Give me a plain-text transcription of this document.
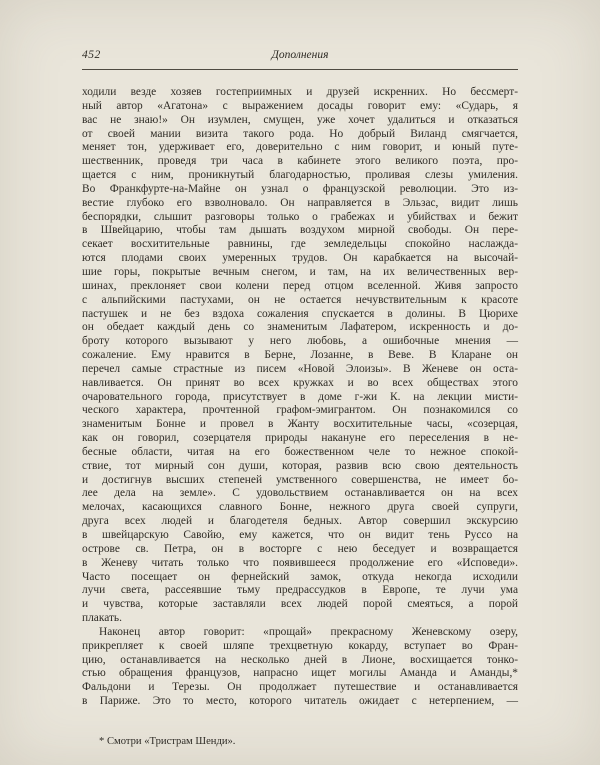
452	Дополнения
ходили везде хозяев гостеприимных и друзей искренних. Но бессмерт-
ный автор «Агатона» с выражением досады говорит ему: «Сударь, я
вас не знаю!» Он изумлен, смущен, уже хочет удалиться и отказаться
от своей мании визита такого рода. Но добрый Виланд смягчается,
меняет тон, удерживает его, доверительно с ним говорит, и юный путе-
шественник, проведя три часа в кабинете этого великого поэта, про-
щается с ним, проникнутый благодарностью, проливая слезы умиления.
Во Франкфурте-на-Майне он узнал о французской революции. Это из-
вестие глубоко его взволновало. Он направляется в Эльзас, видит лишь
беспорядки, слышит разговоры только о грабежах и убийствах и бежит
в Швейцарию, чтобы там дышать воздухом мирной свободы. Он пере-
секает восхитительные равнины, где земледельцы спокойно наслажда-
ются плодами своих умеренных трудов. Он карабкается на высочай-
шие горы, покрытые вечным снегом, и там, на их величественных вер-
шинах, преклоняет свои колени перед отцом вселенной. Живя запросто
с альпийскими пастухами, он не остается нечувствительным к красоте
пастушек и не без вздоха сожаления спускается в долины. В Цюрихе
он обедает каждый день со знаменитым Лафатером, искренность и до-
броту которого вызывают у него любовь, а ошибочные мнения —
сожаление. Ему нравится в Берне, Лозанне, в Веве. В Кларане он
перечел самые страстные из писем «Новой Элоизы». В Женеве он оста-
навливается. Он принят во всех кружках и во всех обществах этого
очаровательного города, присутствует в доме г-жи К. на лекции мисти-
ческого характера, прочтенной графом-эмигрантом. Он познакомился со
знаменитым Бонне и провел в Жанту восхитительные часы, «созерцая,
как он говорил, созерцателя природы накануне его переселения в не-
бесные области, читая на его божественном челе то нежное спокой-
ствие, тот мирный сон души, которая, развив всю свою деятельность
и достигнув высших степеней умственного совершенства, не имеет бо-
лее дела на земле». С удовольствием останавливается он на всех
мелочах, касающихся славного Бонне, нежного друга своей супруги,
друга всех людей и благодетеля бедных. Автор совершил экскурсию
в швейцарскую Савойю, ему кажется, что он видит тень Руссо на
острове св. Петра, он в восторге с нею беседует и возвращается
в Женеву читать только что появившееся продолжение его «Исповеди».
Часто посещает он фернейский замок, откуда некогда исходили
лучи света, рассеявшие тьму предрассудков в Европе, те лучи ума
и чувства, которые заставляли всех людей порой смеяться, а порой
плакать.
Наконец автор говорит: «прощай» прекрасному Женевскому озеру,
прикрепляет к своей шляпе трехцветную кокарду, вступает во Фран-
цию, останавливается на несколько дней в Лионе, восхищается тонко-
стью обращения французов, напрасно ищет могилы Аманда и Аманды,*
Фальдони и Терезы. Он продолжает путешествие и останавливается
в Париже. Это то место, которого читатель ожидает с нетерпением, —
* Смотри «Тристрам Шенди».
